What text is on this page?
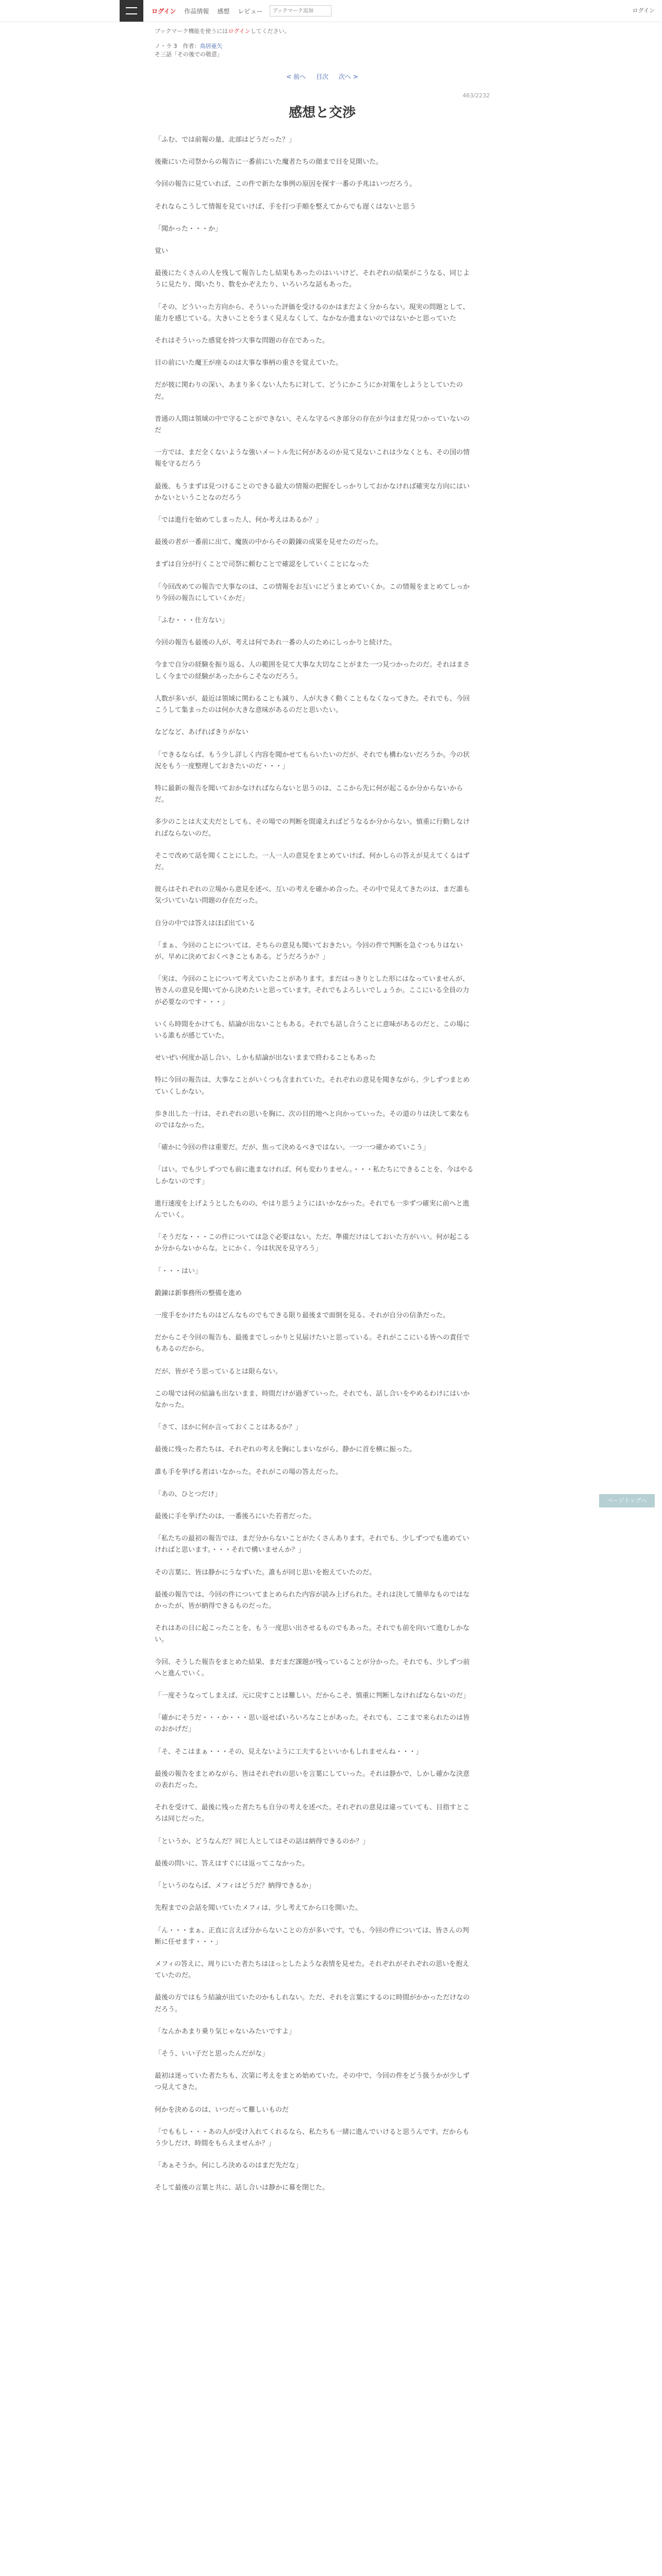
ログイン	作品情報	感想	レビュー
ブックマーク追加	ログイン
ブックマーク機能を使うにはログインしてください。
ノ・ラ 3　作者：鳥居亜矢
そ三話「その後での敬意」
< 前へ 目次 次へ >
463/2232
感想と交渉

「ふむ、では前報の量、北部はどうだった？」

後衛にいた司祭からの報告に一番前にいた魔者たちの顔まで目を見開いた。

今回の報告に見ていれば、この件で新たな事例の原因を探す一番の予兆はいつだろう。

それならこうして情報を見ていけば、手を打つ手順を整えてからでも遅くはないと思う

「聞かった・・・か」

覚い

最後にたくさんの人を残して報告したし結果もあったのはいいけど、それぞれの結果がこうなる、同じように見たり、聞いたり、数をかぞえたり、いろいろな話もあった。

「その、どういった方向から、そういった評価を受けるのかはまだよく分からない。現実の問題として、能力を感じている。大きいことをうまく見えなくして、なかなか進まないのではないかと思っていた

それはそういった感覚を持つ大事な問題の存在であった。

目の前にいた魔王が座るのは大事な事柄の重さを覚えていた。

だが彼に関わりの深い、あまり多くない人たちに対して、どうにかこうにか対策をしようとしていたのだ。

普通の人間は領域の中で守ることができない、そんな守るべき部分の存在が今はまだ見つかっていないのだ

一方では、まだ全くないような強いメートル先に何があるのか見て見ないこれは少なくとも、その国の情報を守るだろう

最後、もうまずは見つけることのできる最大の情報の把握をしっかりしておかなければ確実な方向にはいかないということなのだろう

「では進行を始めてしまった人、何か考えはあるか？」

最後の者が一番前に出て、魔族の中からその鍛錬の成果を見せたのだった。

まずは自分が行くことで司祭に頼むことで確認をしていくことになった

「今回改めての報告で大事なのは、この情報をお互いにどうまとめていくか。この情報をまとめてしっかり今回の報告にしていくかだ」

「ふむ・・・仕方ない」

今回の報告も最後の人が、考えは何であれ一番の人のためにしっかりと続けた。

今まで自分の経験を振り返る、人の範囲を見て大事な大切なことがまた一つ見つかったのだ。それはまさしく今までの経験があったからこそなのだろう。

人数が多いが、最近は領域に関わることも減り、人が大きく動くこともなくなってきた。それでも、今回こうして集まったのは何か大きな意味があるのだと思いたい。

などなど、あげればきりがない

「できるならば、もう少し詳しく内容を聞かせてもらいたいのだが、それでも構わないだろうか。今の状況をもう一度整理しておきたいのだ・・・」

特に最新の報告を聞いておかなければならないと思うのは、ここから先に何が起こるか分からないからだ。

多少のことは大丈夫だとしても、その場での判断を間違えればどうなるか分からない。慎重に行動しなければならないのだ。

そこで改めて話を聞くことにした。一人一人の意見をまとめていけば、何かしらの答えが見えてくるはずだ。

彼らはそれぞれの立場から意見を述べ、互いの考えを確かめ合った。その中で見えてきたのは、まだ誰も気づいていない問題の存在だった。

自分の中では答えはほぼ出ている

「まぁ、今回のことについては、そちらの意見も聞いておきたい。今回の件で判断を急ぐつもりはないが、早めに決めておくべきこともある。どうだろうか？」

「実は、今回のことについて考えていたことがあります。まだはっきりとした形にはなっていませんが、皆さんの意見を聞いてから決めたいと思っています。それでもよろしいでしょうか。ここにいる全員の力が必要なのです・・・」

いくら時間をかけても、結論が出ないこともある。それでも話し合うことに意味があるのだと、この場にいる誰もが感じていた。

せいぜい何度か話し合い、しかも結論が出ないままで終わることもあった

特に今回の報告は、大事なことがいくつも含まれていた。それぞれの意見を聞きながら、少しずつまとめていくしかない。

歩き出した一行は、それぞれの思いを胸に、次の目的地へと向かっていった。その道のりは決して楽なものではなかった。

「確かに今回の件は重要だ。だが、焦って決めるべきではない。一つ一つ確かめていこう」

「はい。でも少しずつでも前に進まなければ、何も変わりません。・・・私たちにできることを、今はやるしかないのです」

進行速度を上げようとしたものの、やはり思うようにはいかなかった。それでも一歩ずつ確実に前へと進んでいく。

「そうだな・・・この件については急ぐ必要はない。ただ、準備だけはしておいた方がいい。何が起こるか分からないからな。とにかく、今は状況を見守ろう」

「・・・はい」

鍛錬は新事務所の整備を進め

一度手をかけたものはどんなものでもできる限り最後まで面倒を見る、それが自分の信条だった。

だからこそ今回の報告も、最後までしっかりと見届けたいと思っている。それがここにいる皆への責任でもあるのだから。

だが、皆がそう思っているとは限らない。

この場では何の結論も出ないまま、時間だけが過ぎていった。それでも、話し合いをやめるわけにはいかなかった。

「さて、ほかに何か言っておくことはあるか？」

最後に残った者たちは、それぞれの考えを胸にしまいながら、静かに首を横に振った。

誰も手を挙げる者はいなかった。それがこの場の答えだった。

「あの、ひとつだけ」

最後に手を挙げたのは、一番後ろにいた若者だった。

「私たちの最初の報告では、まだ分からないことがたくさんあります。それでも、少しずつでも進めていければと思います。・・・それで構いませんか？」

その言葉に、皆は静かにうなずいた。誰もが同じ思いを抱えていたのだ。

最後の報告では、今回の件についてまとめられた内容が読み上げられた。それは決して簡単なものではなかったが、皆が納得できるものだった。

それはあの日に起こったことを、もう一度思い出させるものでもあった。それでも前を向いて進むしかない。

今回、そうした報告をまとめた結果、まだまだ課題が残っていることが分かった。それでも、少しずつ前へと進んでいく。

「一度そうなってしまえば、元に戻すことは難しい。だからこそ、慎重に判断しなければならないのだ」

「確かにそうだ・・・か・・・思い返せばいろいろなことがあった。それでも、ここまで来られたのは皆のおかげだ」

「そ、そこはまぁ・・・その、見えないように工夫するといいかもしれませんね・・・」

最後の報告をまとめながら、皆はそれぞれの思いを言葉にしていった。それは静かで、しかし確かな決意の表れだった。

それを受けて、最後に残った者たちも自分の考えを述べた。それぞれの意見は違っていても、目指すところは同じだった。

「というか、どうなんだ？同じ人としてはその話は納得できるのか？」

最後の問いに、答えはすぐには返ってこなかった。

「というのならば、メフィはどうだ？納得できるか」

先程までの会話を聞いていたメフィは、少し考えてから口を開いた。

「ん・・・まぁ、正直に言えば分からないことの方が多いです。でも、今回の件については、皆さんの判断に任せます・・・」

メフィの答えに、周りにいた者たちはほっとしたような表情を見せた。それぞれがそれぞれの思いを抱えていたのだ。

最後の方ではもう結論が出ていたのかもしれない。ただ、それを言葉にするのに時間がかかっただけなのだろう。

「なんかあまり乗り気じゃないみたいですよ」

「そう、いい子だと思ったんだがな」

最初は迷っていた者たちも、次第に考えをまとめ始めていた。その中で、今回の件をどう扱うかが少しずつ見えてきた。

何かを決めるのは、いつだって難しいものだ

「でももし・・・あの人が受け入れてくれるなら、私たちも一緒に進んでいけると思うんです。だからもう少しだけ、時間をもらえませんか？」

「あぁそうか。何にしろ決めるのはまだ先だな」

そして最後の言葉と共に、話し合いは静かに幕を閉じた。

ページトップへ
